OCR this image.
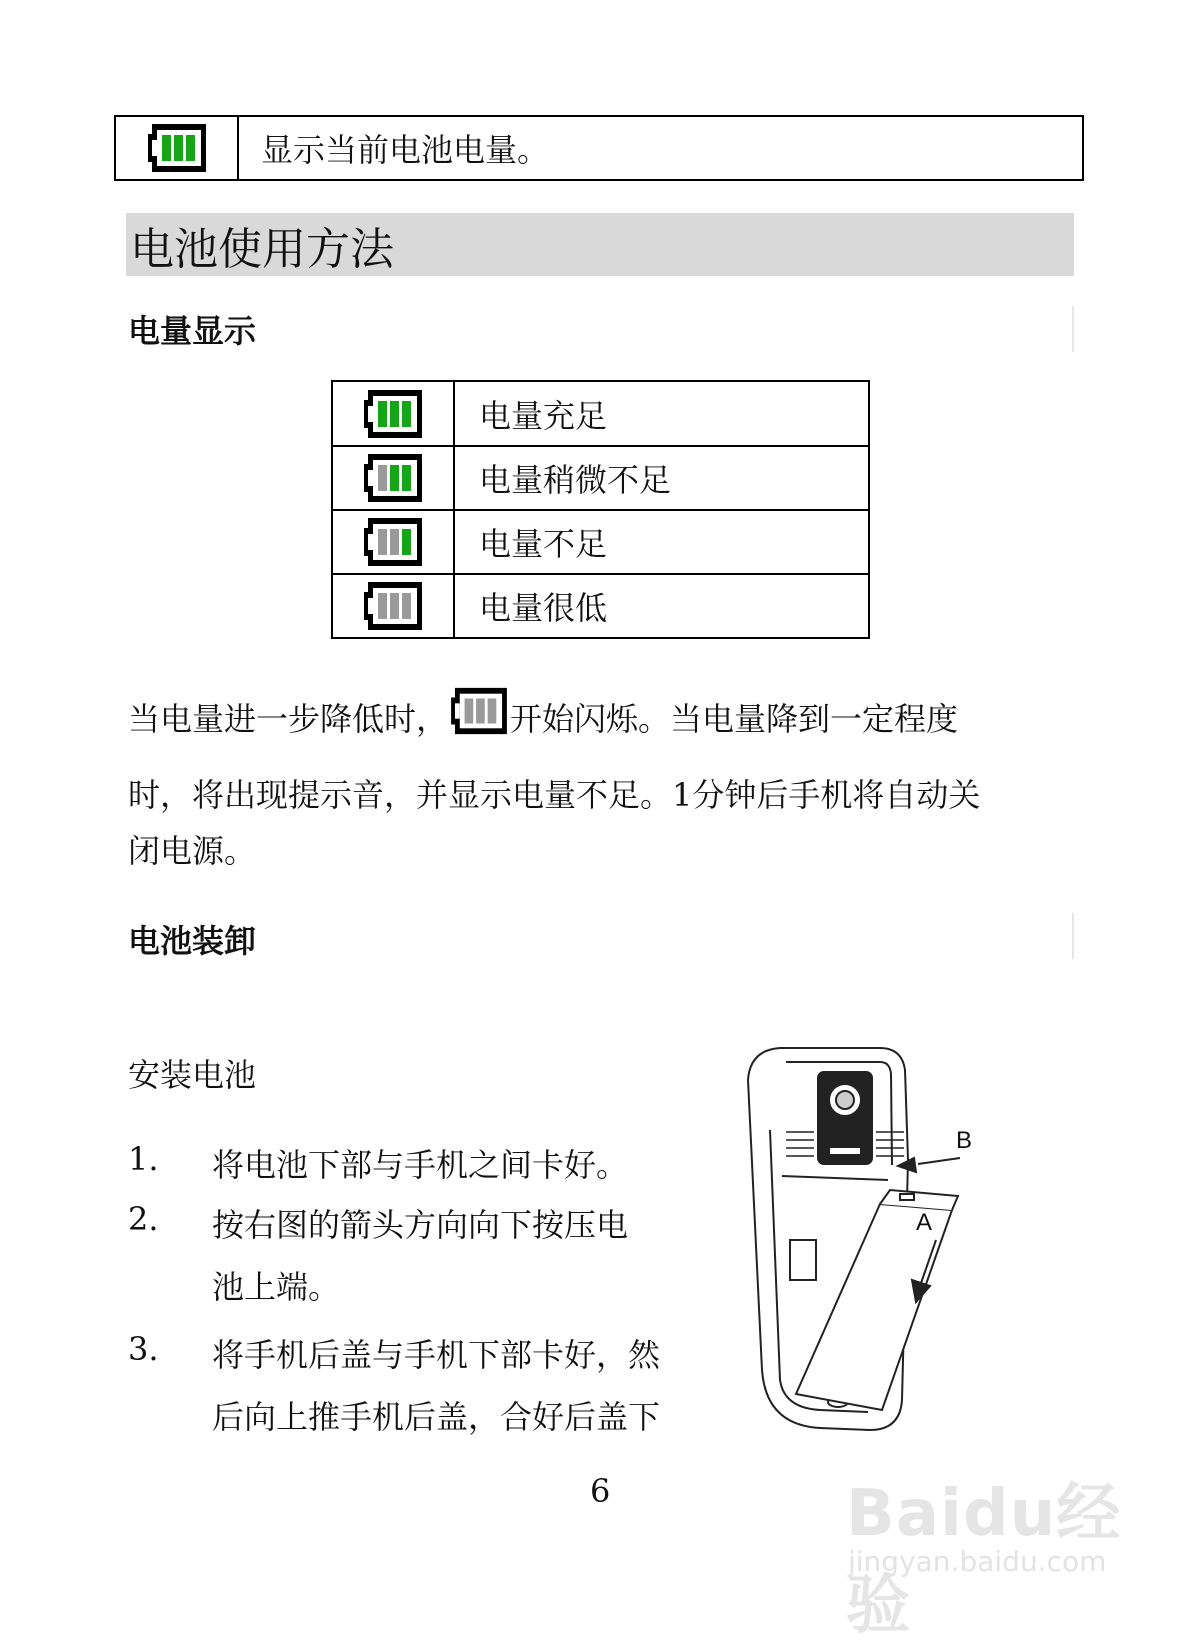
显示当前电池电量。
电池使用方法
电量显示
电量充足
电量稍微不足
电量不足
电量很低
当电量进一步降低时， 开始闪烁。当电量降到一定程度
时，将出现提示音，并显示电量不足。1分钟后手机将自动关
闭电源。
电池装卸
安装电池
1. 将电池下部与手机之间卡好。
2. 按右图的箭头方向向下按压电
池上端。
3. 将手机后盖与手机下部卡好，然
后向上推手机后盖，合好后盖下
B
A
6	Baidu经验
jingyan.baidu.com
